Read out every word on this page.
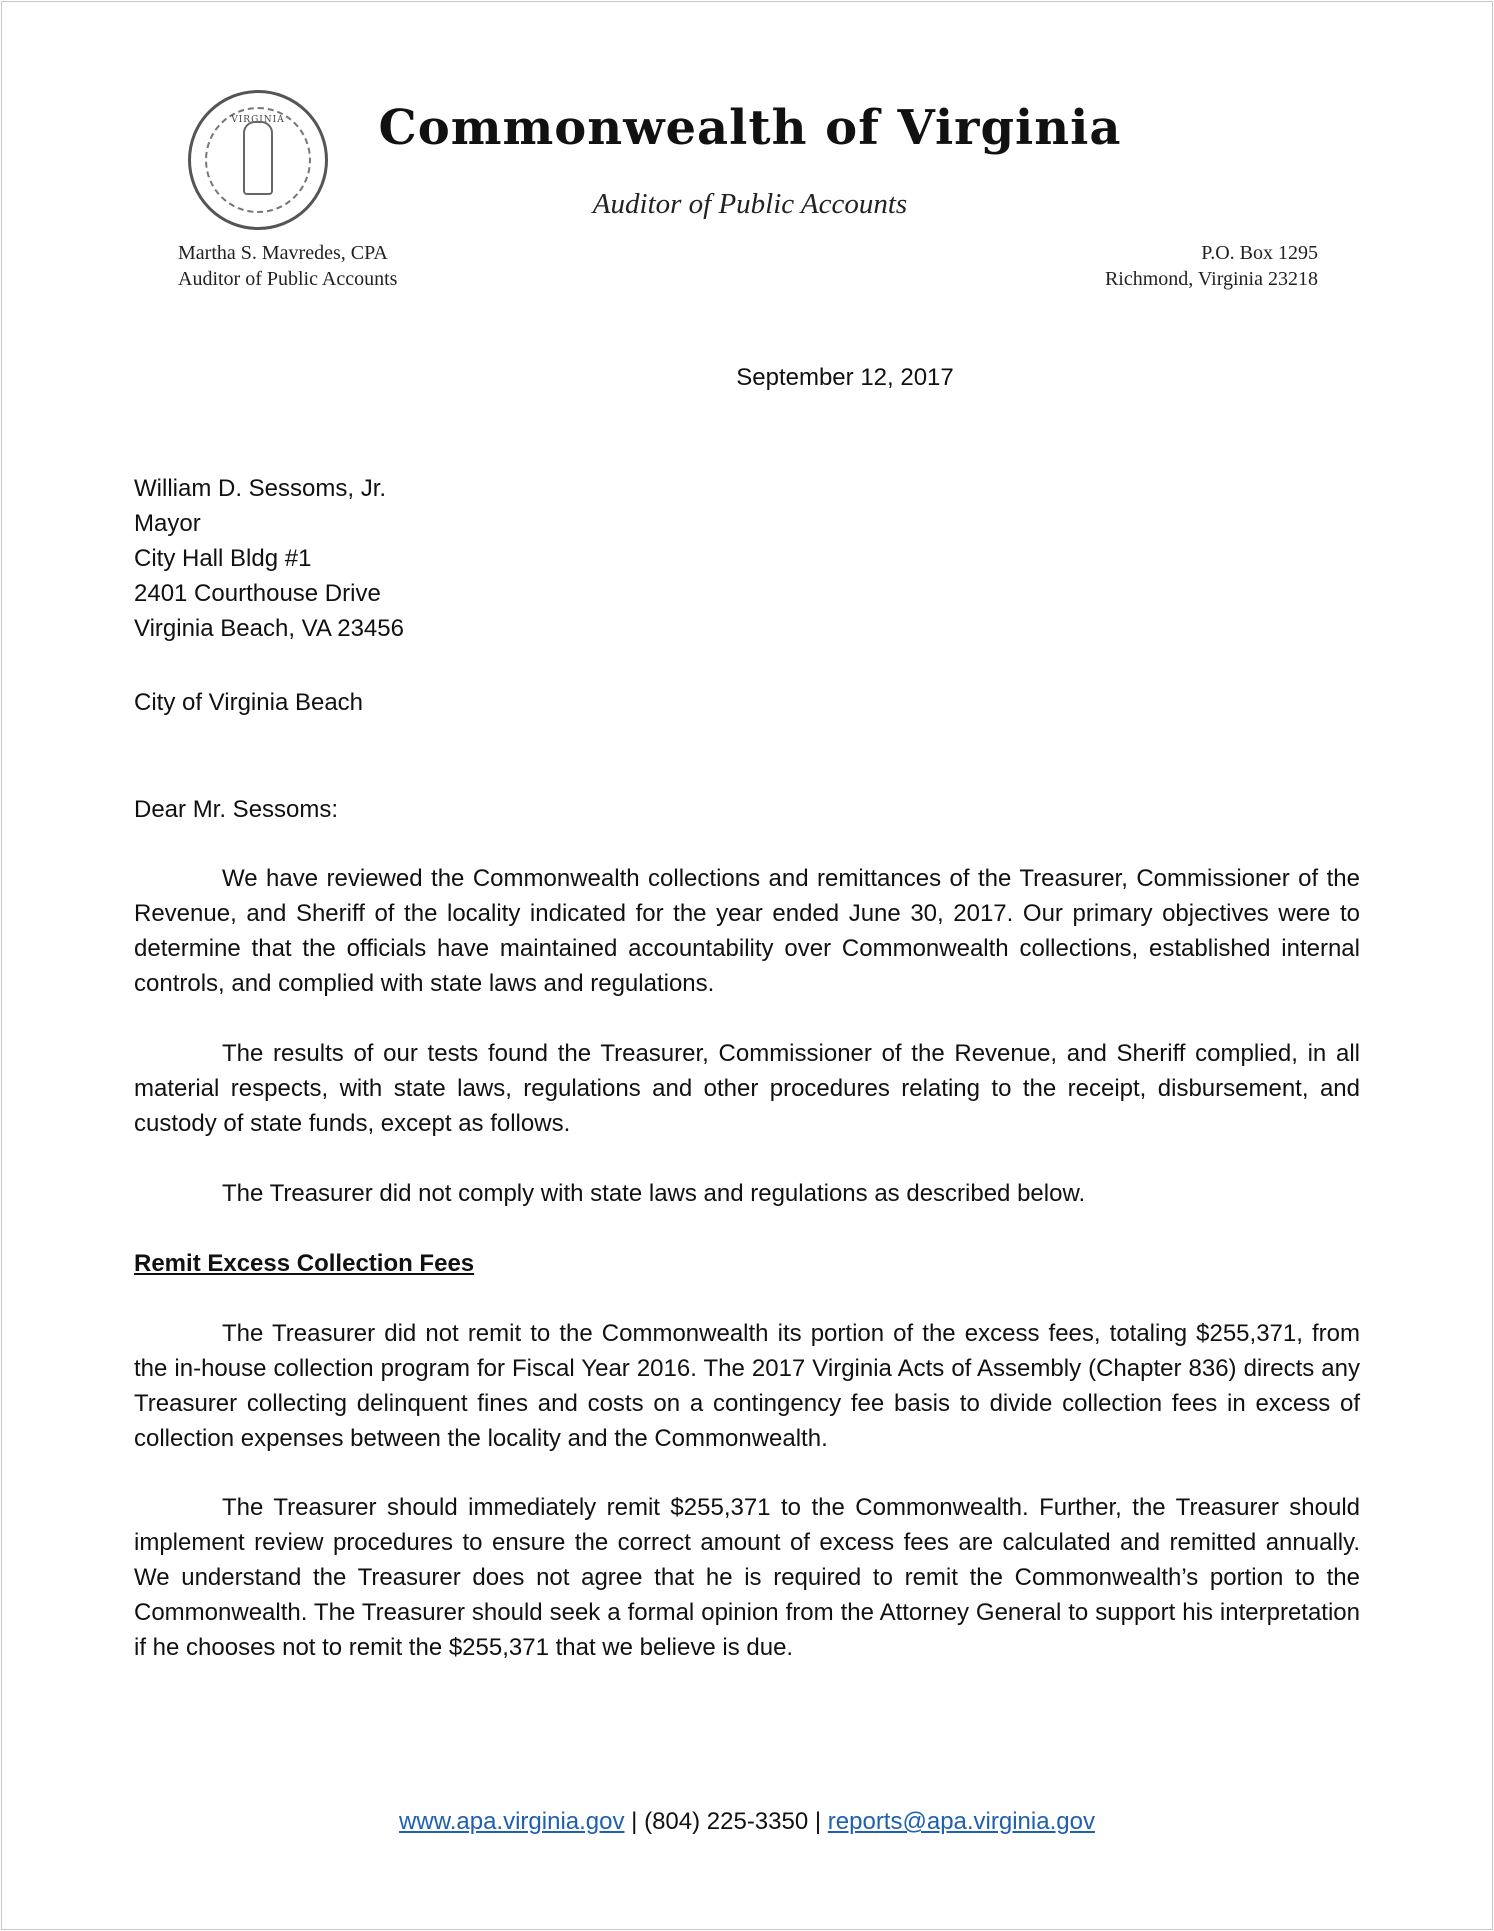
VIRGINIA	Commonwealth of Virginia
Auditor of Public Accounts
Martha S. Mavredes, CPA
Auditor of Public Accounts
P.O. Box 1295
Richmond, Virginia 23218
September 12, 2017
William D. Sessoms, Jr.
Mayor
City Hall Bldg #1
2401 Courthouse Drive
Virginia Beach, VA 23456
City of Virginia Beach
Dear Mr. Sessoms:
We have reviewed the Commonwealth collections and remittances of the Treasurer, Commissioner of the Revenue, and Sheriff of the locality indicated for the year ended June 30, 2017. Our primary objectives were to determine that the officials have maintained accountability over Commonwealth collections, established internal controls, and complied with state laws and regulations.
The results of our tests found the Treasurer, Commissioner of the Revenue, and Sheriff complied, in all material respects, with state laws, regulations and other procedures relating to the receipt, disbursement, and custody of state funds, except as follows.
The Treasurer did not comply with state laws and regulations as described below.
Remit Excess Collection Fees
The Treasurer did not remit to the Commonwealth its portion of the excess fees, totaling $255,371, from the in-house collection program for Fiscal Year 2016. The 2017 Virginia Acts of Assembly (Chapter 836) directs any Treasurer collecting delinquent fines and costs on a contingency fee basis to divide collection fees in excess of collection expenses between the locality and the Commonwealth.
The Treasurer should immediately remit $255,371 to the Commonwealth. Further, the Treasurer should implement review procedures to ensure the correct amount of excess fees are calculated and remitted annually. We understand the Treasurer does not agree that he is required to remit the Commonwealth’s portion to the Commonwealth. The Treasurer should seek a formal opinion from the Attorney General to support his interpretation if he chooses not to remit the $255,371 that we believe is due.
www.apa.virginia.gov | (804) 225-3350 | reports@apa.virginia.gov
